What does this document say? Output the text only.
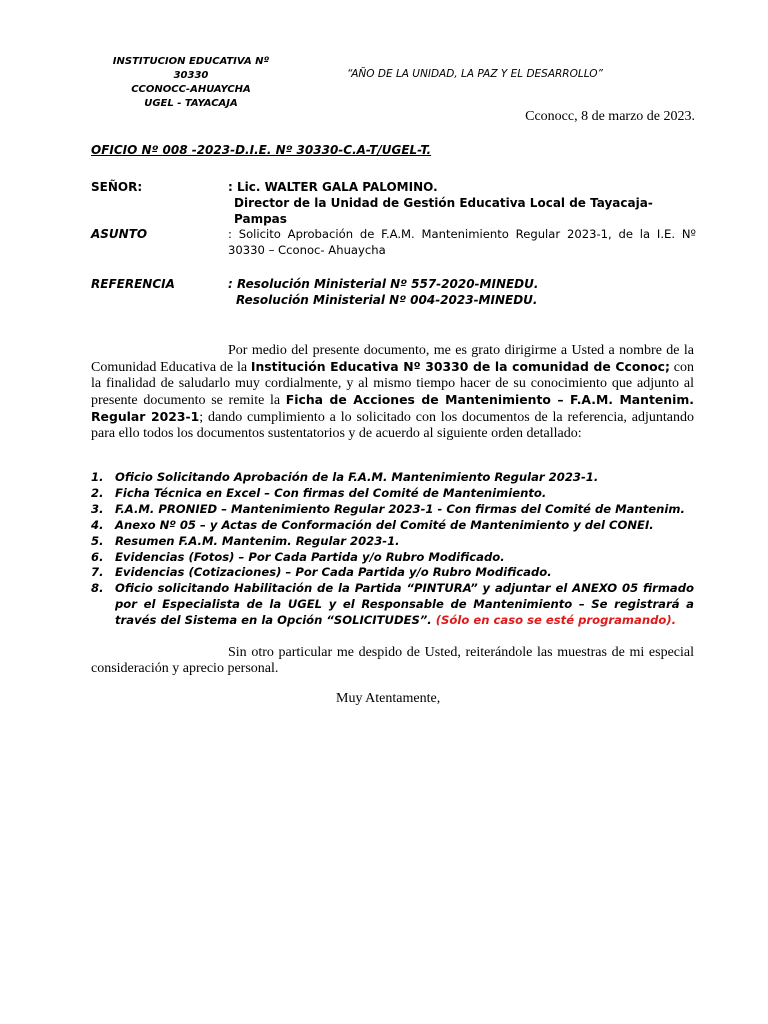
INSTITUCION EDUCATIVA Nº
30330
CCONOCC-AHUAYCHA
UGEL - TAYACAJA
“AÑO DE LA UNIDAD, LA PAZ Y EL DESARROLLO”
Cconocc, 8 de marzo de 2023.
OFICIO Nº 008 -2023-D.I.E. Nº 30330-C.A-T/UGEL-T.
SEÑOR:	: Lic. WALTER GALA PALOMINO.
Director de la Unidad de Gestión Educativa Local de Tayacaja-Pampas
ASUNTO	: Solicito Aprobación de F.A.M. Mantenimiento Regular 2023-1, de la I.E. Nº 30330 – Cconoc- Ahuaycha
REFERENCIA	: Resolución Ministerial Nº 557-2020-MINEDU.
Resolución Ministerial Nº 004-2023-MINEDU.
Por medio del presente documento, me es grato dirigirme a Usted a nombre de la Comunidad Educativa de la Institución Educativa Nº 30330 de la comunidad de Cconoc; con la finalidad de saludarlo muy cordialmente, y al mismo tiempo hacer de su conocimiento que adjunto al presente documento se remite la Ficha de Acciones de Mantenimiento – F.A.M. Mantenim. Regular 2023-1; dando cumplimiento a lo solicitado con los documentos de la referencia, adjuntando para ello todos los documentos sustentatorios y de acuerdo al siguiente orden detallado:
1. Oficio Solicitando Aprobación de la F.A.M. Mantenimiento Regular 2023-1.
2. Ficha Técnica en Excel – Con firmas del Comité de Mantenimiento.
3. F.A.M. PRONIED – Mantenimiento Regular 2023-1 - Con firmas del Comité de Mantenim.
4. Anexo Nº 05 – y Actas de Conformación del Comité de Mantenimiento y del CONEI.
5. Resumen F.A.M. Mantenim. Regular 2023-1.
6. Evidencias (Fotos) – Por Cada Partida y/o Rubro Modificado.
7. Evidencias (Cotizaciones) – Por Cada Partida y/o Rubro Modificado.
8. Oficio solicitando Habilitación de la Partida “PINTURA” y adjuntar el ANEXO 05 firmado por el Especialista de la UGEL y el Responsable de Mantenimiento – Se registrará a través del Sistema en la Opción “SOLICITUDES”. (Sólo en caso se esté programando).
Sin otro particular me despido de Usted, reiterándole las muestras de mi especial consideración y aprecio personal.
Muy Atentamente,
